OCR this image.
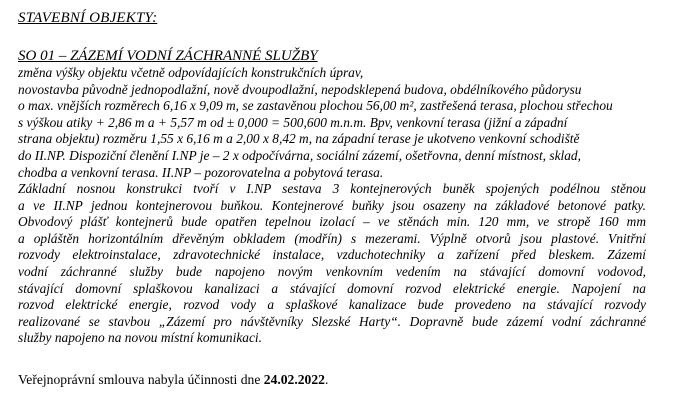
STAVEBNÍ OBJEKTY:
SO 01 – ZÁZEMÍ VODNÍ ZÁCHRANNÉ SLUŽBY
změna výšky objektu včetně odpovídajících konstrukčních úprav,
novostavba původně jednopodlažní, nově dvoupodlažní, nepodsklepená budova, obdélníkového půdorysu
o max. vnějších rozměrech 6,16 x 9,09 m, se zastavěnou plochou 56,00 m², zastřešená terasa, plochou střechou
s výškou atiky + 2,86 m a + 5,57 m od ± 0,000 = 500,600 m.n.m. Bpv, venkovní terasa (jižní a západní
strana objektu) rozměru 1,55 x 6,16 m a 2,00 x 8,42 m, na západní terase je ukotveno venkovní schodiště
do II.NP. Dispoziční členění I.NP je – 2 x odpočívárna, sociální zázemí, ošetřovna, denní místnost, sklad,
chodba a venkovní terasa. II.NP – pozorovatelna a pobytová terasa.
Základní nosnou konstrukci tvoří v I.NP sestava 3 kontejnerových buněk spojených podélnou stěnou
a ve II.NP jednou kontejnerovou buňkou. Kontejnerové buňky jsou osazeny na základové betonové patky.
Obvodový plášť kontejnerů bude opatřen tepelnou izolací – ve stěnách min. 120 mm, ve stropě 160 mm
a opláštěn horizontálním dřevěným obkladem (modřín) s mezerami. Výplně otvorů jsou plastové. Vnitřní
rozvody elektroinstalace, zdravotechnické instalace, vzduchotechniky a zařízení před bleskem. Zázemí
vodní záchranné služby bude napojeno novým venkovním vedením na stávající domovní vodovod,
stávající domovní splaškovou kanalizaci a stávající domovní rozvod elektrické energie. Napojení na
rozvod elektrické energie, rozvod vody a splaškové kanalizace bude provedeno na stávající rozvody
realizované se stavbou „Zázemí pro návštěvníky Slezské Harty“. Dopravně bude zázemí vodní záchranné
služby napojeno na novou místní komunikaci.
Veřejnoprávní smlouva nabyla účinnosti dne 24.02.2022.
